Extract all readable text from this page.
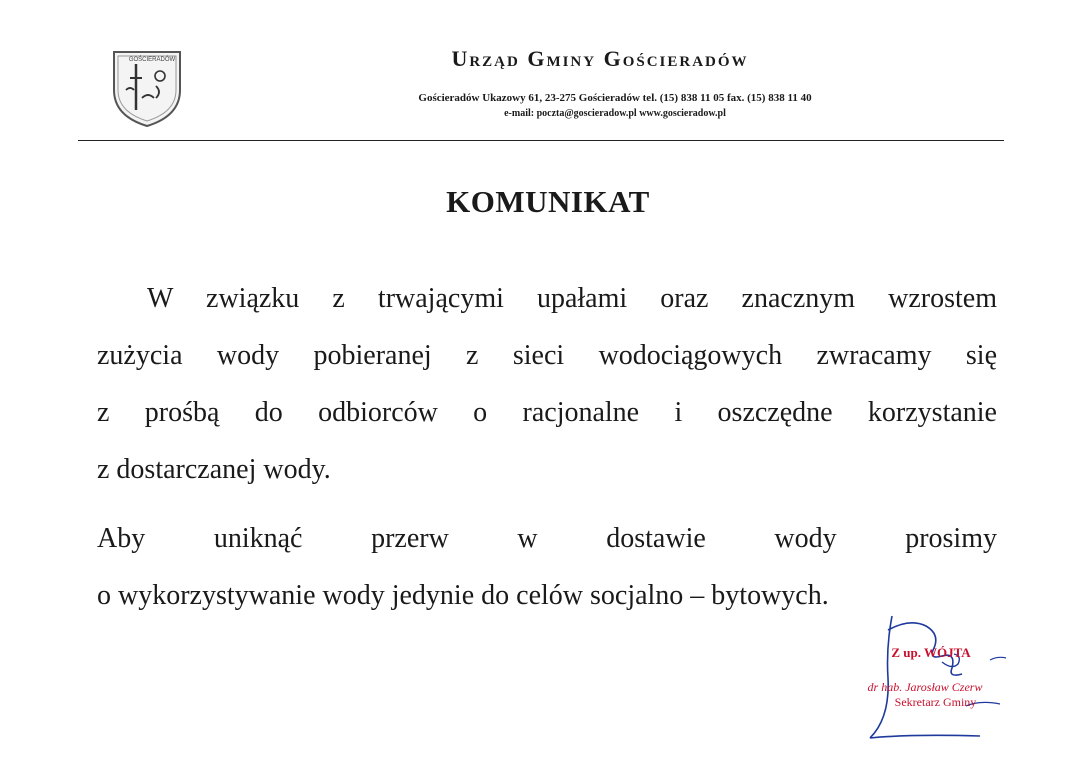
GOŚCIERADÓW	Urząd Gminy Gościeradów
Gościeradów Ukazowy 61, 23-275 Gościeradów tel. (15) 838 11 05 fax. (15) 838 11 40
e-mail: poczta@goscieradow.pl www.goscieradow.pl
KOMUNIKAT
W związku z trwającymi upałami oraz znacznym wzrostem
zużycia wody pobieranej z sieci wodociągowych zwracamy się
z prośbą do odbiorców o racjonalne i oszczędne korzystanie
z dostarczanej wody.
Aby uniknąć przerw w dostawie wody prosimy
o wykorzystywanie wody jedynie do celów socjalno – bytowych.
Z up. WÓJTA
dr hab. Jarosław Czerw
Sekretarz Gminy
